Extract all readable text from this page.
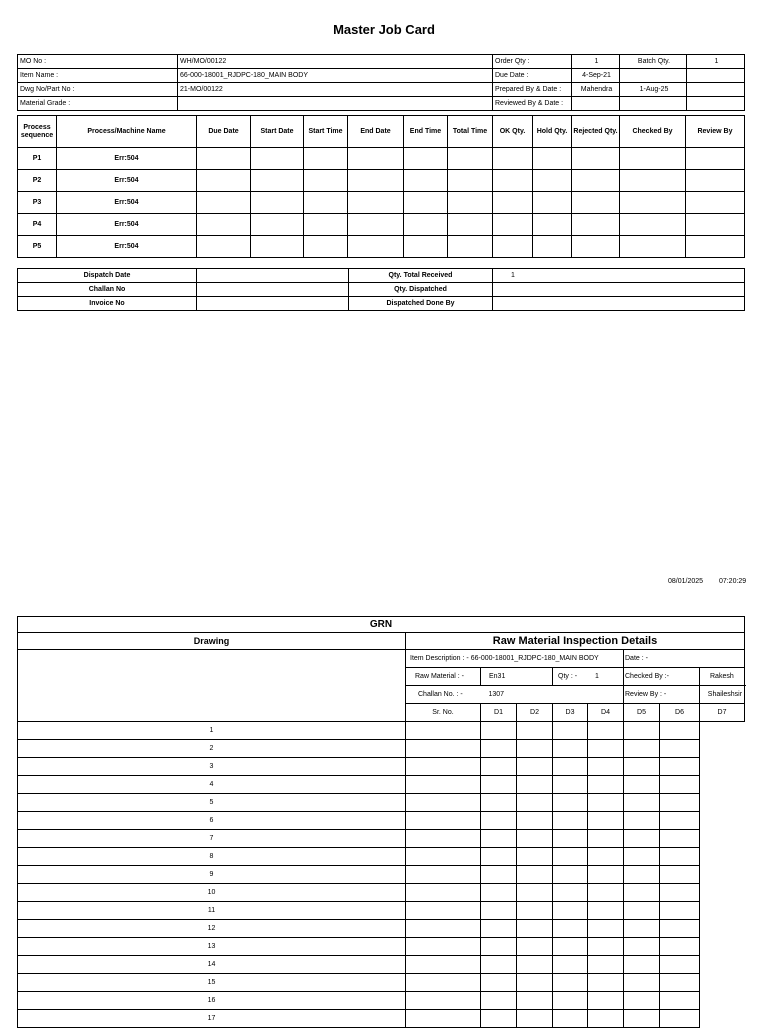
Master Job Card
MO No :	WH/MO/00122	Order Qty :	1	Batch Qty.	1
Item Name :	66-000-18001_RJDPC-180_MAIN BODY	Due Date :	4-Sep-21		
Dwg No/Part No :	21-MO/00122	Prepared By & Date :	Mahendra	1-Aug-25	
Material Grade :		Reviewed By & Date :			
Process sequence	Process/Machine Name	Due Date	Start Date	Start Time	End Date	End Time	Total Time	OK Qty.	Hold Qty.	Rejected Qty.	Checked By	Review By
P1	Err:504											
P2	Err:504											
P3	Err:504											
P4	Err:504											
P5	Err:504											
Dispatch Date		Qty. Total Received	1
Challan No		Qty. Dispatched	
Invoice No		Dispatched Done By	
08/01/2025 07:20:29
GRN								
Drawing	Raw Material Inspection Details							
	Item Description : - 66-000-18001_RJDPC-180_MAIN BODY					Date : -		
	Raw Material : -	En31		Qty : - 1		Checked By :-		Rakesh
	Challan No. : -	1307				Review By : -		Shaileshsir
	Sr. No.	D1	D2	D3	D4	D5	D6	D7
1								
2								
3								
4								
5								
6								
7								
8								
9								
10								
11								
12								
13								
14								
15								
16								
17								
